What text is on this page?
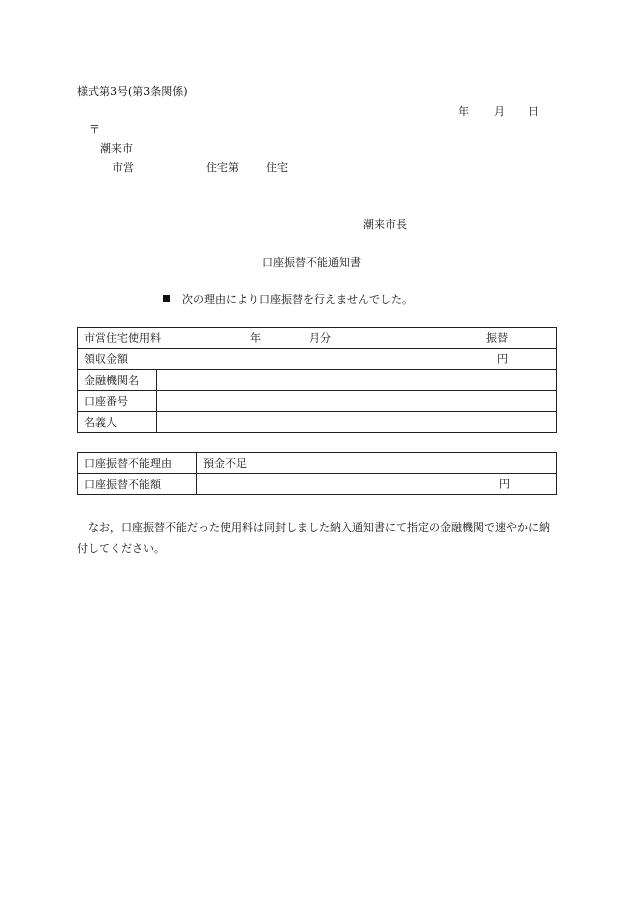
様式第3号(第3条関係)
年 月 日
〒
潮来市
市営	住宅第 住宅
潮来市長
口座振替不能通知書
次の理由により口座振替を行えませんでした。
市営住宅使用料 年 月分 振替	

領収金額 円	

金融機関名	
口座番号	
名義人	
口座振替不能理由	預金不足
口座振替不能額	円
なお，口座振替不能だった使用料は同封しました納入通知書にて指定の金融機関で速やかに納付してください。
